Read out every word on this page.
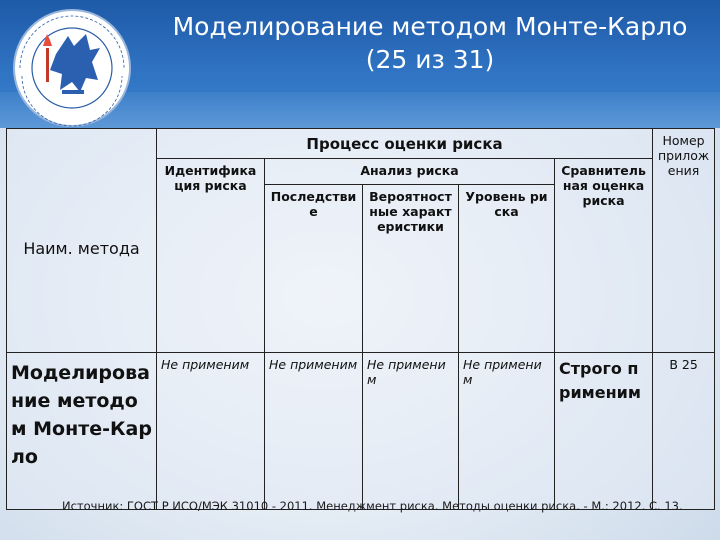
Моделирование методом Монте-Карло
(25 из 31)
Наим. метода	Процесс оценки риска					Номер приложения
	Идентификация риска	Анализ риска			Сравнительная оценка риска	
		Последствие	Вероятностные характеристики	Уровень риска		
Моделирование методом Монте-Карло	Не применим	Не применим	Не применим	Не применим	Строго применим	В 25
Источник: ГОСТ Р ИСО/МЭК 31010 - 2011. Менеджмент риска. Методы оценки риска. - М.: 2012. С. 13.
